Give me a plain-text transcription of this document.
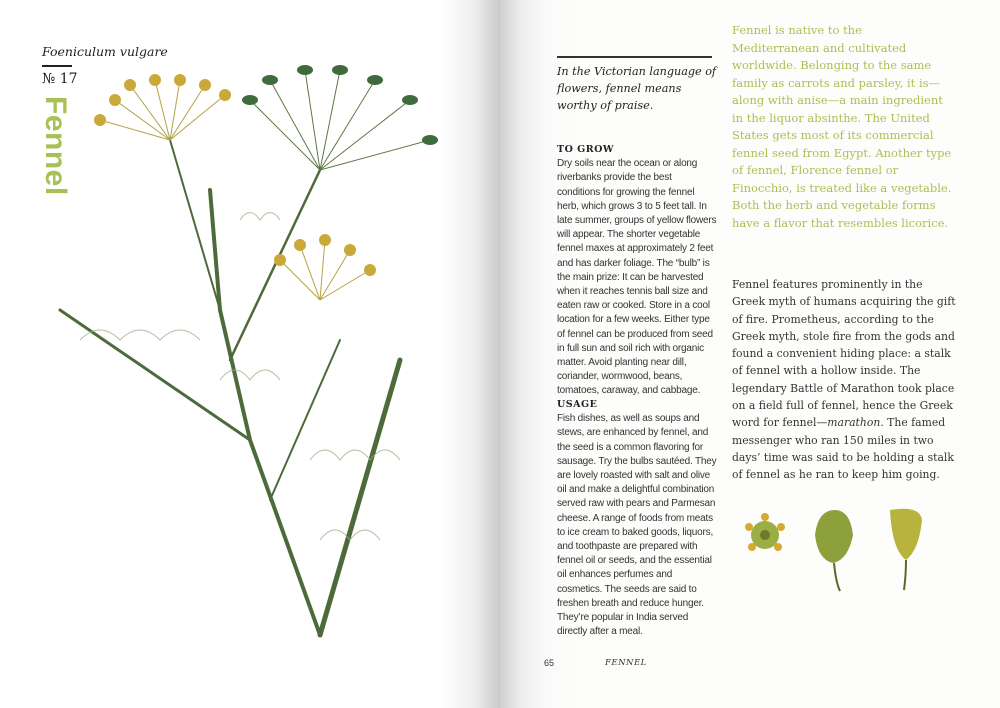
Foeniculum vulgare
№ 17
Fennel
In the Victorian language of flowers, fennel means worthy of praise.
TO GROW
Dry soils near the ocean or along riverbanks provide the best conditions for growing the fennel herb, which grows 3 to 5 feet tall. In late summer, groups of yellow flowers will appear. The shorter vegetable fennel maxes at approximately 2 feet and has darker foliage. The “bulb” is the main prize: It can be harvested when it reaches tennis ball size and eaten raw or cooked. Store in a cool location for a few weeks. Either type of fennel can be produced from seed in full sun and soil rich with organic matter. Avoid planting near dill, coriander, wormwood, beans, tomatoes, caraway, and cabbage.
USAGE
Fish dishes, as well as soups and stews, are enhanced by fennel, and the seed is a common flavoring for sausage. Try the bulbs sautéed. They are lovely roasted with salt and olive oil and make a delightful combination served raw with pears and Parmesan cheese. A range of foods from meats to ice cream to baked goods, liquors, and toothpaste are prepared with fennel oil or seeds, and the essential oil enhances perfumes and cosmetics. The seeds are said to freshen breath and reduce hunger. They’re popular in India served directly after a meal.
Fennel is native to the Mediterranean and cultivated worldwide. Belonging to the same family as carrots and parsley, it is—along with anise—a main ingredient in the liquor absinthe. The United States gets most of its commercial fennel seed from Egypt. Another type of fennel, Florence fennel or Finocchio, is treated like a vegetable. Both the herb and vegetable forms have a flavor that resembles licorice.
Fennel features prominently in the Greek myth of humans acquiring the gift of fire. Prometheus, according to the Greek myth, stole fire from the gods and found a convenient hiding place: a stalk of fennel with a hollow inside. The legendary Battle of Marathon took place on a field full of fennel, hence the Greek word for fennel—marathon. The famed messenger who ran 150 miles in two days’ time was said to be holding a stalk of fennel as he ran to keep him going.
65	FENNEL
